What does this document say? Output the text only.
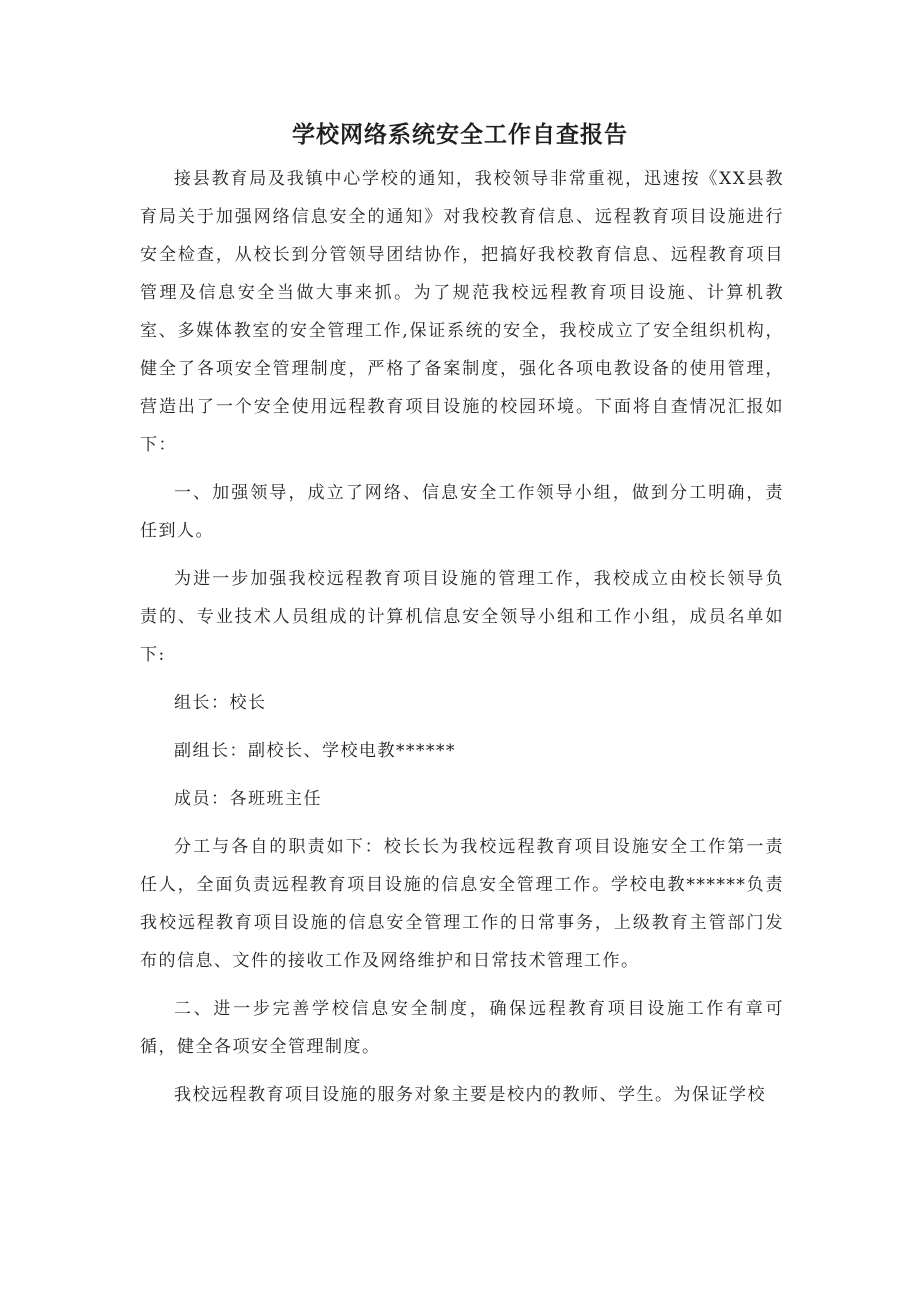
学校网络系统安全工作自查报告

接县教育局及我镇中心学校的通知，我校领导非常重视，迅速按《XX县教育局关于加强网络信息安全的通知》对我校教育信息、远程教育项目设施进行安全检查，从校长到分管领导团结协作，把搞好我校教育信息、远程教育项目管理及信息安全当做大事来抓。为了规范我校远程教育项目设施、计算机教室、多媒体教室的安全管理工作,保证系统的安全，我校成立了安全组织机构，健全了各项安全管理制度，严格了备案制度，强化各项电教设备的使用管理，营造出了一个安全使用远程教育项目设施的校园环境。下面将自查情况汇报如下：

一、加强领导，成立了网络、信息安全工作领导小组，做到分工明确，责任到人。

为进一步加强我校远程教育项目设施的管理工作，我校成立由校长领导负责的、专业技术人员组成的计算机信息安全领导小组和工作小组，成员名单如下:

组长：校长

副组长：副校长、学校电教******

成员：各班班主任

分工与各自的职责如下：校长长为我校远程教育项目设施安全工作第一责任人，全面负责远程教育项目设施的信息安全管理工作。学校电教******负责我校远程教育项目设施的信息安全管理工作的日常事务，上级教育主管部门发布的信息、文件的接收工作及网络维护和日常技术管理工作。

二、进一步完善学校信息安全制度，确保远程教育项目设施工作有章可循，健全各项安全管理制度。

我校远程教育项目设施的服务对象主要是校内的教师、学生。为保证学校
